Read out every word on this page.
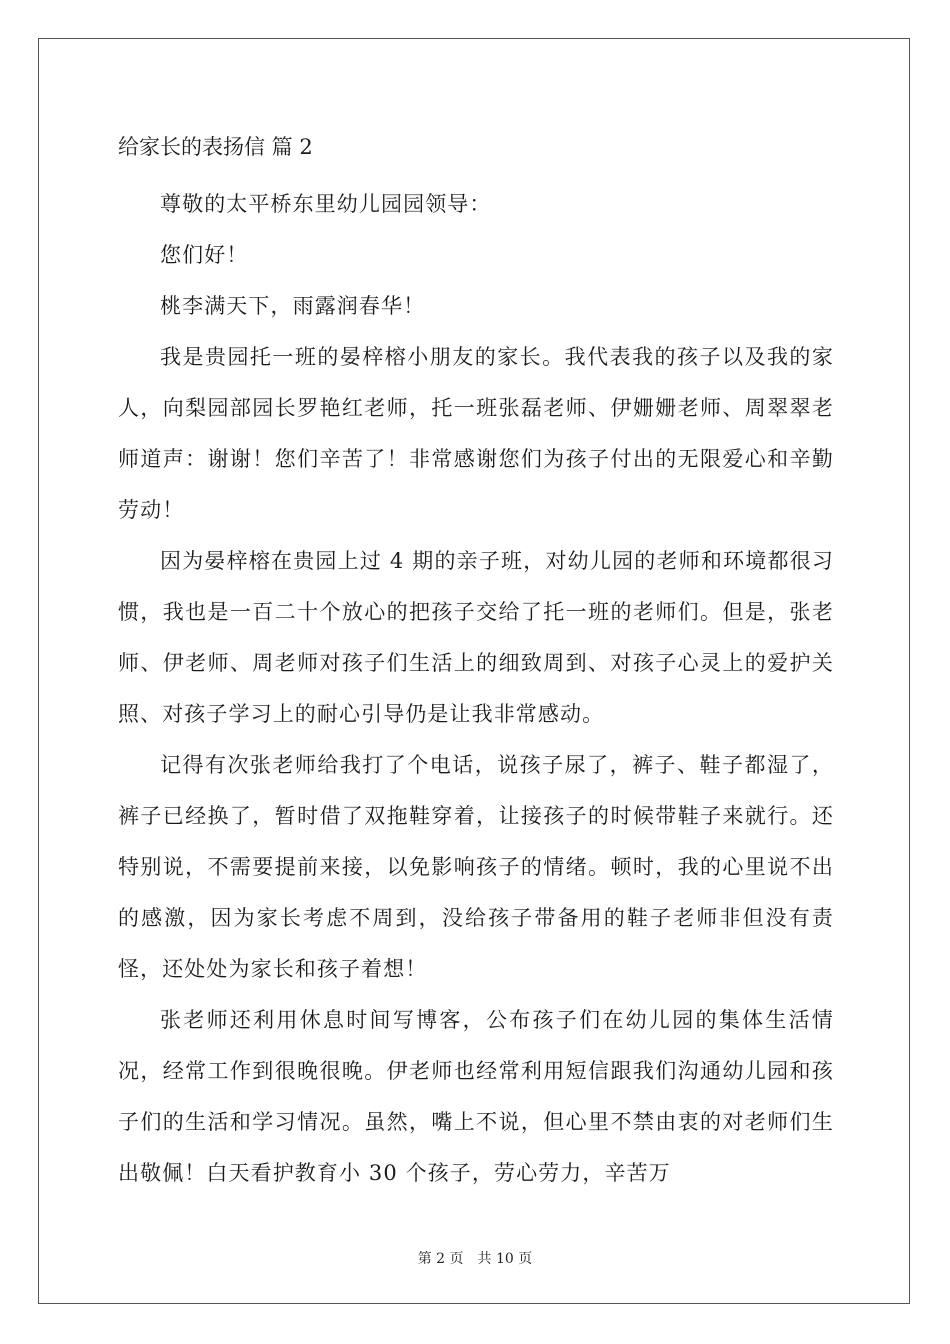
给家长的表扬信 篇 2

尊敬的太平桥东里幼儿园园领导：

您们好！

桃李满天下，雨露润春华！

我是贵园托一班的晏梓榕小朋友的家长。我代表我的孩子以及我的家人，向梨园部园长罗艳红老师，托一班张磊老师、伊姗姗老师、周翠翠老师道声：谢谢！您们辛苦了！非常感谢您们为孩子付出的无限爱心和辛勤劳动！

因为晏梓榕在贵园上过 4 期的亲子班，对幼儿园的老师和环境都很习惯，我也是一百二十个放心的把孩子交给了托一班的老师们。但是，张老师、伊老师、周老师对孩子们生活上的细致周到、对孩子心灵上的爱护关照、对孩子学习上的耐心引导仍是让我非常感动。

记得有次张老师给我打了个电话，说孩子尿了，裤子、鞋子都湿了，裤子已经换了，暂时借了双拖鞋穿着，让接孩子的时候带鞋子来就行。还特别说，不需要提前来接，以免影响孩子的情绪。顿时，我的心里说不出的感激，因为家长考虑不周到，没给孩子带备用的鞋子老师非但没有责怪，还处处为家长和孩子着想！

张老师还利用休息时间写博客，公布孩子们在幼儿园的集体生活情况，经常工作到很晚很晚。伊老师也经常利用短信跟我们沟通幼儿园和孩子们的生活和学习情况。虽然，嘴上不说，但心里不禁由衷的对老师们生出敬佩！白天看护教育小 30 个孩子，劳心劳力，辛苦万

第 2 页 共 10 页
